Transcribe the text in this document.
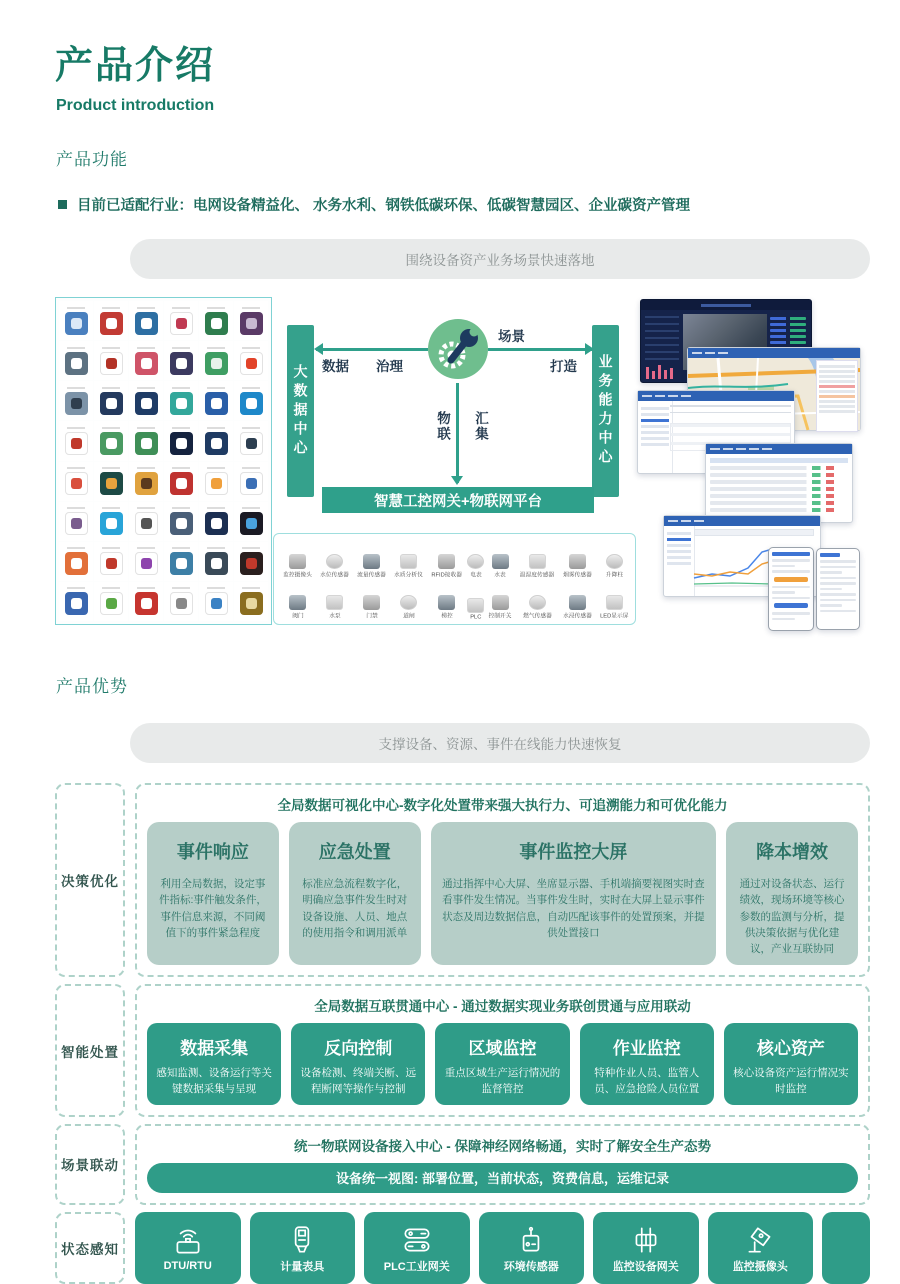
产品介绍
Product introduction
产品功能
目前已适配行业：电网设备精益化、 水务水利、钢铁低碳环保、低碳智慧园区、企业碳资产管理
围绕设备资产业务场景快速落地
大数据中心	业务能力中心
数据 治理
场景
打造
物联 汇集
智慧工控网关+物联网平台
监控摄像头 水位传感器 流量传感器 水质分析仪 RFID接收器 电表 水表 温湿度传感器 烟雾传感器 升降柱
阀门	水泵	门禁	道闸	梯控	PLC 控制开关 燃气传感器 水浸传感器 LED显示屏
产品优势
支撑设备、资源、事件在线能力快速恢复
决策优化
全局数据可视化中心-数字化处置带来强大执行力、可追溯能力和可优化能力
事件响应
利用全局数据，设定事件指标:事件触发条件，事件信息来源，不同阈值下的事件紧急程度
应急处置
标准应急流程数字化，明确应急事件发生时对设备设施、人员、地点的使用指令和调用派单
事件监控大屏
通过指挥中心大屏、坐席显示器、手机端摘要视图实时查看事件发生情况。当事件发生时，实时在大屏上显示事件状态及周边数据信息，自动匹配该事件的处置预案，并提供处置接口
降本增效
通过对设备状态、运行绩效，现场环境等核心参数的监测与分析，提供决策依据与优化建议，产业互联协同
智能处置
全局数据互联贯通中心 - 通过数据实现业务联创贯通与应用联动
数据采集
感知监测、设备运行等关键数据采集与呈现
反向控制
设备检测、终端关断、远程断网等操作与控制
区域监控
重点区域生产运行情况的监督管控
作业监控
特种作业人员、监管人员、应急抢险人员位置
核心资产
核心设备资产运行情况实时监控
场景联动
统一物联网设备接入中心 - 保障神经网络畅通，实时了解安全生产态势
设备统一视图: 部署位置，当前状态，资费信息，运维记录
状态感知
DTU/RTU	计量表具	PLC工业网关	环境传感器	监控设备网关	监控摄像头
